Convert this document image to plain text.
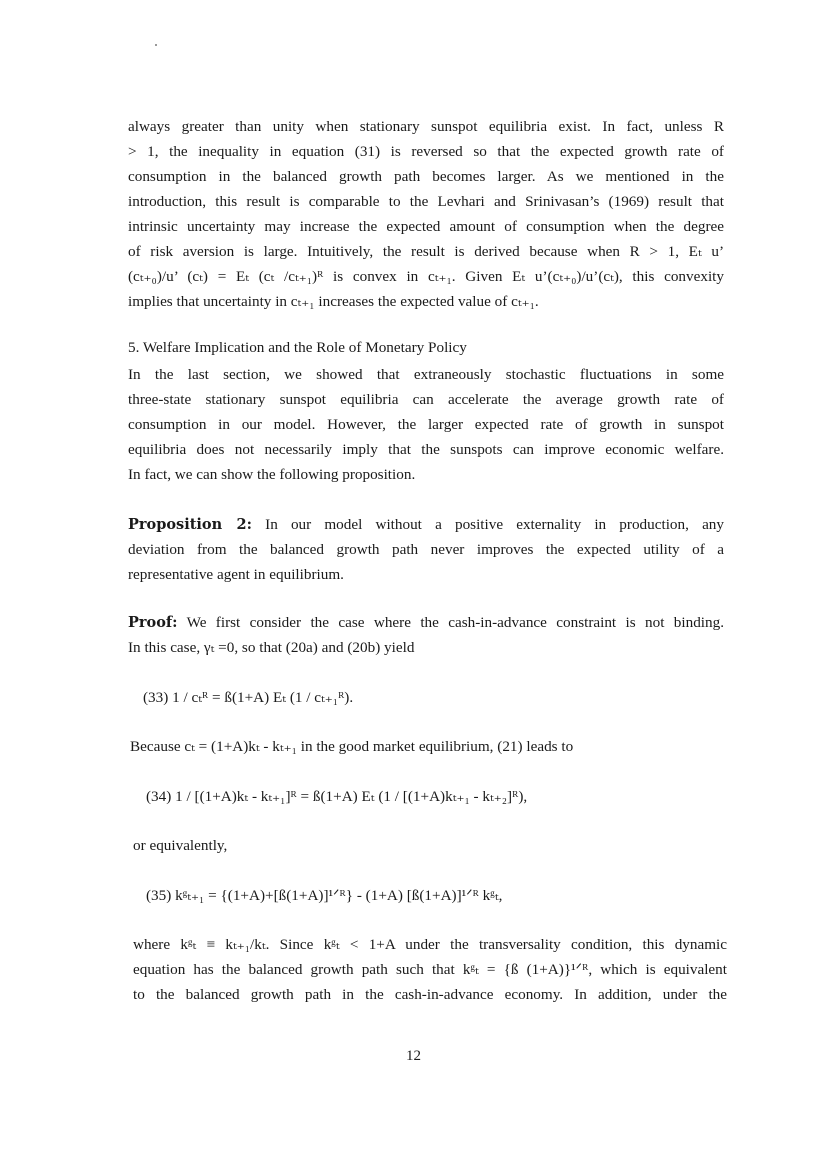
always greater than unity when stationary sunspot equilibria exist. In fact, unless R
> 1, the inequality in equation (31) is reversed so that the expected growth rate of
consumption in the balanced growth path becomes larger. As we mentioned in the
introduction, this result is comparable to the Levhari and Srinivasan’s (1969) result that
intrinsic uncertainty may increase the expected amount of consumption when the degree
of risk aversion is large. Intuitively, the result is derived because when R > 1, Eₜ u’
(cₜ₊₀)/u’ (cₜ) = Eₜ (cₜ /cₜ₊₁)ᴿ is convex in cₜ₊₁. Given Eₜ u’(cₜ₊₀)/u’(cₜ), this convexity
implies that uncertainty in cₜ₊₁ increases the expected value of cₜ₊₁.
5. Welfare Implication and the Role of Monetary Policy
In the last section, we showed that extraneously stochastic fluctuations in some
three-state stationary sunspot equilibria can accelerate the average growth rate of
consumption in our model. However, the larger expected rate of growth in sunspot
equilibria does not necessarily imply that the sunspots can improve economic welfare.
In fact, we can show the following proposition.
Proposition 2: In our model without a positive externality in production, any
deviation from the balanced growth path never improves the expected utility of a
representative agent in equilibrium.
Proof: We first consider the case where the cash-in-advance constraint is not binding.
In this case, γₜ =0, so that (20a) and (20b) yield
(33) 1 / cₜᴿ = ß(1+A) Eₜ (1 / cₜ₊₁ᴿ).
Because cₜ = (1+A)kₜ - kₜ₊₁ in the good market equilibrium, (21) leads to
(34) 1 / [(1+A)kₜ - kₜ₊₁]ᴿ = ß(1+A) Eₜ (1 / [(1+A)kₜ₊₁ - kₜ₊₂]ᴿ),
or equivalently,
(35) kᵍₜ₊₁ = {(1+A)+[ß(1+A)]¹ᐟᴿ} - (1+A) [ß(1+A)]¹ᐟᴿ kᵍₜ,
where kᵍₜ ≡ kₜ₊₁/kₜ. Since kᵍₜ < 1+A under the transversality condition, this dynamic
equation has the balanced growth path such that kᵍₜ = {ß (1+A)}¹ᐟᴿ, which is equivalent
to the balanced growth path in the cash-in-advance economy. In addition, under the
12
